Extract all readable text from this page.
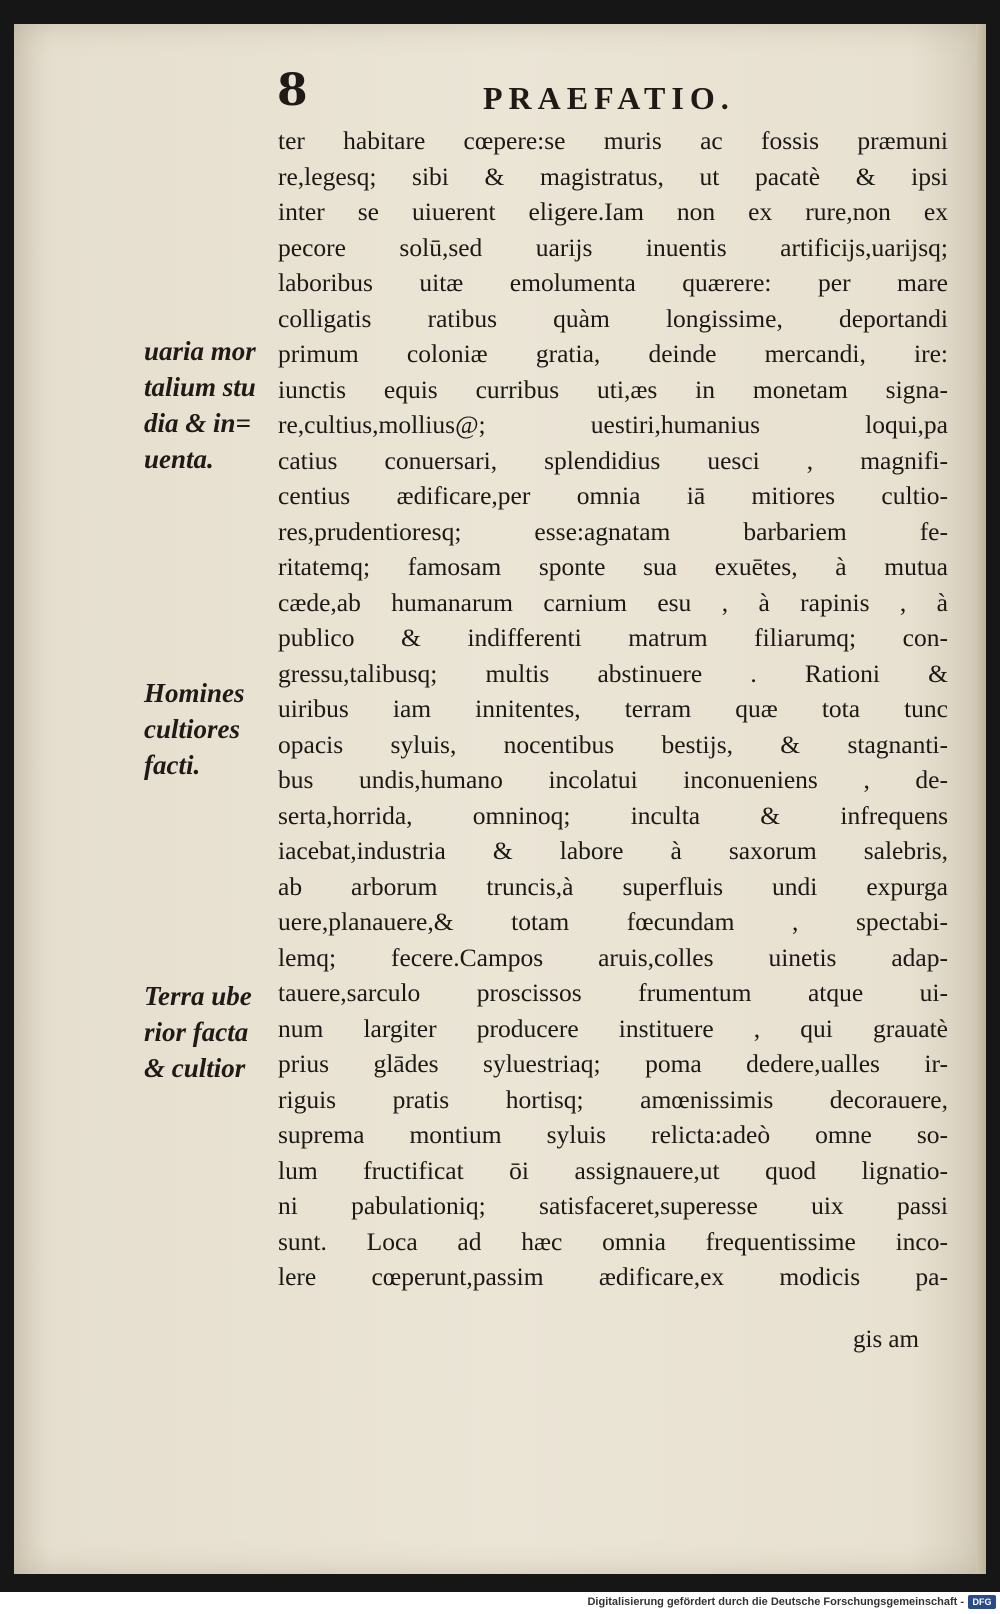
8	PRAEFATIO.
ter habitare cœpere:se muris ac fossis præmuni
re,legesq; sibi & magistratus, ut pacatè & ipsi
inter se uiuerent eligere.Iam non ex rure,non ex
pecore solū,sed uarijs inuentis artificijs,uarijsq;
laboribus uitæ emolumenta quærere: per mare
colligatis ratibus quàm longissime, deportandi
primum coloniæ gratia, deinde mercandi, ire:
iunctis equis curribus uti,æs in monetam signa-
re,cultius,mollius@; uestiri,humanius loqui,pa
catius conuersari, splendidius uesci , magnifi-
centius ædificare,per omnia iā mitiores cultio-
res,prudentioresq; esse:agnatam barbariem fe-
ritatemq; famosam sponte sua exuētes, à mutua
cæde,ab humanarum carnium esu , à rapinis , à
publico & indifferenti matrum filiarumq; con-
gressu,talibusq; multis abstinuere . Rationi &
uiribus iam innitentes, terram quæ tota tunc
opacis syluis, nocentibus bestijs, & stagnanti-
bus undis,humano incolatui inconueniens , de-
serta,horrida, omninoq; inculta & infrequens
iacebat,industria & labore à saxorum salebris,
ab arborum truncis,à superfluis undi expurga
uere,planauere,& totam fœcundam , spectabi-
lemq; fecere.Campos aruis,colles uinetis adap-
tauere,sarculo proscissos frumentum atque ui-
num largiter producere instituere , qui grauatè
prius glādes syluestriaq; poma dedere,ualles ir-
riguis pratis hortisq; amœnissimis decorauere,
suprema montium syluis relicta:adeò omne so-
lum fructificat ōi assignauere,ut quod lignatio-
ni pabulationiq; satisfaceret,superesse uix passi
sunt. Loca ad hæc omnia frequentissime inco-
lere cœperunt,passim ædificare,ex modicis pa-
gis am
uaria mor
talium stu
dia & in=
uenta.
Homines
cultiores
facti.
Terra ube
rior facta
& cultior
Digitalisierung gefördert durch die Deutsche Forschungsgemeinschaft - DFG
